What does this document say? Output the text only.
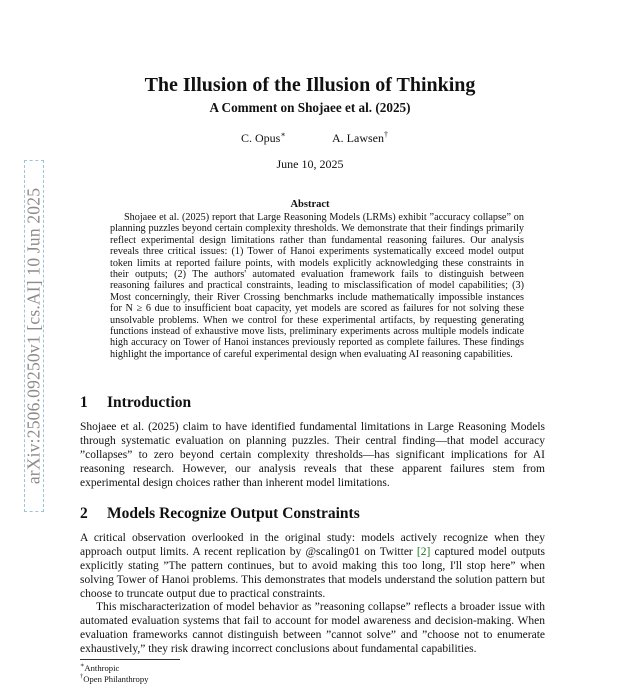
arXiv:2506.09250v1 [cs.AI] 10 Jun 2025
The Illusion of the Illusion of Thinking
A Comment on Shojaee et al. (2025)
C. Opus∗	A. Lawsen†
June 10, 2025
Abstract

Shojaee et al. (2025) report that Large Reasoning Models (LRMs) exhibit ”accuracy collapse” on planning puzzles beyond certain complexity thresholds. We demonstrate that their findings primarily reflect experimental design limitations rather than fundamental reasoning failures. Our analysis reveals three critical issues: (1) Tower of Hanoi experiments systematically exceed model output token limits at reported failure points, with models explicitly acknowledging these constraints in their outputs; (2) The authors' automated evaluation framework fails to distinguish between reasoning failures and practical constraints, leading to misclassification of model capabilities; (3) Most concerningly, their River Crossing benchmarks include mathematically impossible instances for N ≥ 6 due to insufficient boat capacity, yet models are scored as failures for not solving these unsolvable problems. When we control for these experimental artifacts, by requesting generating functions instead of exhaustive move lists, preliminary experiments across multiple models indicate high accuracy on Tower of Hanoi instances previously reported as complete failures. These findings highlight the importance of careful experimental design when evaluating AI reasoning capabilities.

1 Introduction

Shojaee et al. (2025) claim to have identified fundamental limitations in Large Reasoning Models through systematic evaluation on planning puzzles. Their central finding—that model accuracy ”collapses” to zero beyond certain complexity thresholds—has significant implications for AI reasoning research. However, our analysis reveals that these apparent failures stem from experimental design choices rather than inherent model limitations.

2 Models Recognize Output Constraints

A critical observation overlooked in the original study: models actively recognize when they approach output limits. A recent replication by @scaling01 on Twitter [ 2 ] captured model outputs explicitly stating ”The pattern continues, but to avoid making this too long, I'll stop here” when solving Tower of Hanoi problems. This demonstrates that models understand the solution pattern but choose to truncate output due to practical constraints.

This mischaracterization of model behavior as ”reasoning collapse” reflects a broader issue with automated evaluation systems that fail to account for model awareness and decision-making. When evaluation frameworks cannot distinguish between ”cannot solve” and ”choose not to enumerate exhaustively,” they risk drawing incorrect conclusions about fundamental capabilities.

∗Anthropic
†Open Philanthropy
